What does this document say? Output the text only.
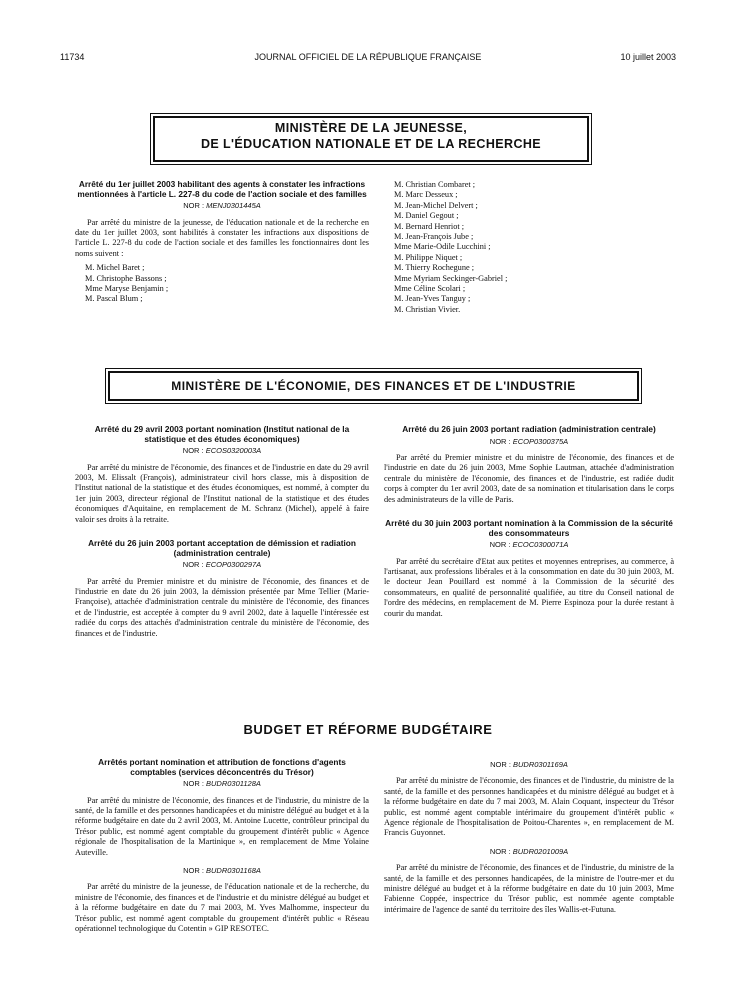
11734	JOURNAL OFFICIEL DE LA RÉPUBLIQUE FRANÇAISE	10 juillet 2003
MINISTÈRE DE LA JEUNESSE,
DE L'ÉDUCATION NATIONALE ET DE LA RECHERCHE
Arrêté du 1er juillet 2003 habilitant des agents à constater les infractions mentionnées à l'article L. 227-8 du code de l'action sociale et des familles
NOR : MENJ0301445A

Par arrêté du ministre de la jeunesse, de l'éducation nationale et de la recherche en date du 1er juillet 2003, sont habilités à constater les infractions aux dispositions de l'article L. 227-8 du code de l'action sociale et des familles les fonctionnaires dont les noms suivent :

M. Michel Baret ;
M. Christophe Bassons ;
Mme Maryse Benjamin ;
M. Pascal Blum ;
M. Christian Combaret ;
M. Marc Desseux ;
M. Jean-Michel Delvert ;
M. Daniel Gegout ;
M. Bernard Henriot ;
M. Jean-François Jube ;
Mme Marie-Odile Lucchini ;
M. Philippe Niquet ;
M. Thierry Rochegune ;
Mme Myriam Seckinger-Gabriel ;
Mme Céline Scolari ;
M. Jean-Yves Tanguy ;
M. Christian Vivier.
MINISTÈRE DE L'ÉCONOMIE, DES FINANCES ET DE L'INDUSTRIE
Arrêté du 29 avril 2003 portant nomination (Institut national de la statistique et des études économiques)
NOR : ECOS0320003A

Par arrêté du ministre de l'économie, des finances et de l'industrie en date du 29 avril 2003, M. Elissalt (François), administrateur civil hors classe, mis à disposition de l'Institut national de la statistique et des études économiques, est nommé, à compter du 1er juin 2003, directeur régional de l'Institut national de la statistique et des études économiques d'Aquitaine, en remplacement de M. Schranz (Michel), appelé à faire valoir ses droits à la retraite.

Arrêté du 26 juin 2003 portant acceptation de démission et radiation (administration centrale)
NOR : ECOP0300297A

Par arrêté du Premier ministre et du ministre de l'économie, des finances et de l'industrie en date du 26 juin 2003, la démission présentée par Mme Tellier (Marie-Françoise), attachée d'administration centrale du ministère de l'économie, des finances et de l'industrie, est acceptée à compter du 9 avril 2002, date à laquelle l'intéressée est radiée du corps des attachés d'administration centrale du ministère de l'économie, des finances et de l'industrie.

Arrêté du 26 juin 2003 portant radiation (administration centrale)
NOR : ECOP0300375A

Par arrêté du Premier ministre et du ministre de l'économie, des finances et de l'industrie en date du 26 juin 2003, Mme Sophie Lautman, attachée d'administration centrale du ministère de l'économie, des finances et de l'industrie, est radiée dudit corps à compter du 1er avril 2003, date de sa nomination et titularisation dans le corps des administrateurs de la ville de Paris.

Arrêté du 30 juin 2003 portant nomination à la Commission de la sécurité des consommateurs
NOR : ECOC0300071A

Par arrêté du secrétaire d'Etat aux petites et moyennes entreprises, au commerce, à l'artisanat, aux professions libérales et à la consommation en date du 30 juin 2003, M. le docteur Jean Pouillard est nommé à la Commission de la sécurité des consommateurs, en qualité de personnalité qualifiée, au titre du Conseil national de l'ordre des médecins, en remplacement de M. Pierre Espinoza pour la durée restant à courir du mandat.

BUDGET ET RÉFORME BUDGÉTAIRE
Arrêtés portant nomination et attribution de fonctions d'agents comptables (services déconcentrés du Trésor)
NOR : BUDR0301128A

Par arrêté du ministre de l'économie, des finances et de l'industrie, du ministre de la santé, de la famille et des personnes handicapées et du ministre délégué au budget et à la réforme budgétaire en date du 2 avril 2003, M. Antoine Lucette, contrôleur principal du Trésor public, est nommé agent comptable du groupement d'intérêt public « Agence régionale de l'hospitalisation de la Martinique », en remplacement de Mme Yolaine Auteville.

NOR : BUDR0301168A

Par arrêté du ministre de la jeunesse, de l'éducation nationale et de la recherche, du ministre de l'économie, des finances et de l'industrie et du ministre délégué au budget et à la réforme budgétaire en date du 7 mai 2003, M. Yves Malhomme, inspecteur du Trésor public, est nommé agent comptable du groupement d'intérêt public « Réseau opérationnel technologique du Cotentin » GIP RESOTEC.

NOR : BUDR0301169A

Par arrêté du ministre de l'économie, des finances et de l'industrie, du ministre de la santé, de la famille et des personnes handicapées et du ministre délégué au budget et à la réforme budgétaire en date du 7 mai 2003, M. Alain Coquant, inspecteur du Trésor public, est nommé agent comptable intérimaire du groupement d'intérêt public « Agence régionale de l'hospitalisation de Poitou-Charentes », en remplacement de M. Francis Guyonnet.

NOR : BUDR0201009A

Par arrêté du ministre de l'économie, des finances et de l'industrie, du ministre de la santé, de la famille et des personnes handicapées, de la ministre de l'outre-mer et du ministre délégué au budget et à la réforme budgétaire en date du 10 juin 2003, Mme Fabienne Coppée, inspectrice du Trésor public, est nommée agente comptable intérimaire de l'agence de santé du territoire des îles Wallis-et-Futuna.
